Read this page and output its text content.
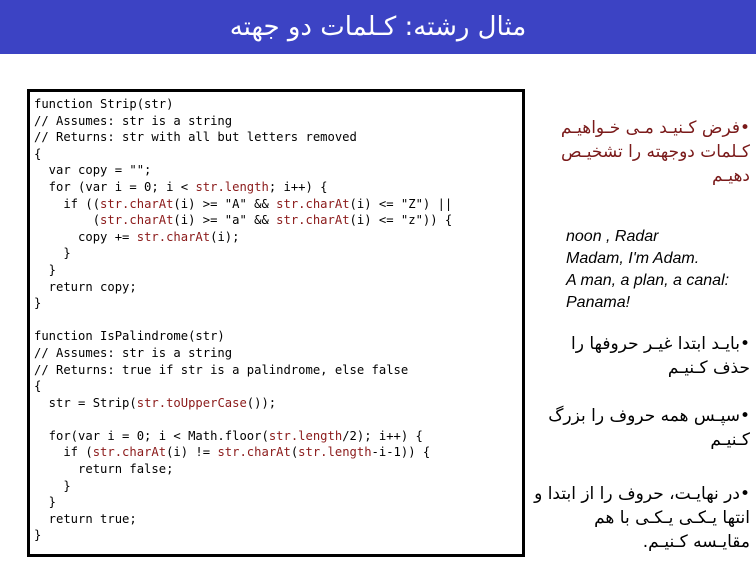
مثال رشته: کـلمات دو جهته
function Strip(str)
// Assumes: str is a string
// Returns: str with all but letters removed
{
var copy = "";
for (var i = 0; i < str.length; i++) {
if ((str.charAt(i) >= "A" && str.charAt(i) <= "Z") ||
(str.charAt(i) >= "a" && str.charAt(i) <= "z")) {
copy += str.charAt(i);
}
}
return copy;
}

function IsPalindrome(str)
// Assumes: str is a string
// Returns: true if str is a palindrome, else false
{
str = Strip(str.toUpperCase());

for(var i = 0; i < Math.floor(str.length/2); i++) {
if (str.charAt(i) != str.charAt(str.length-i-1)) {
return false;
}
}
return true;
}
•فرض کـنیـد مـی خـواهیـم کـلمات دوجهته را تشخیـص دهیـم
noon , Radar
Madam, I'm Adam.
A man, a plan, a canal: Panama!
•بایـد ابتدا غیـر حروفها را حذف کـنیـم
•سپـس همه حروف را بزرگ کـنیـم
•در نهایـت، حروف را از ابتدا و انتها یـکـی یـکـی با هم مقایـسه کـنیـم.
